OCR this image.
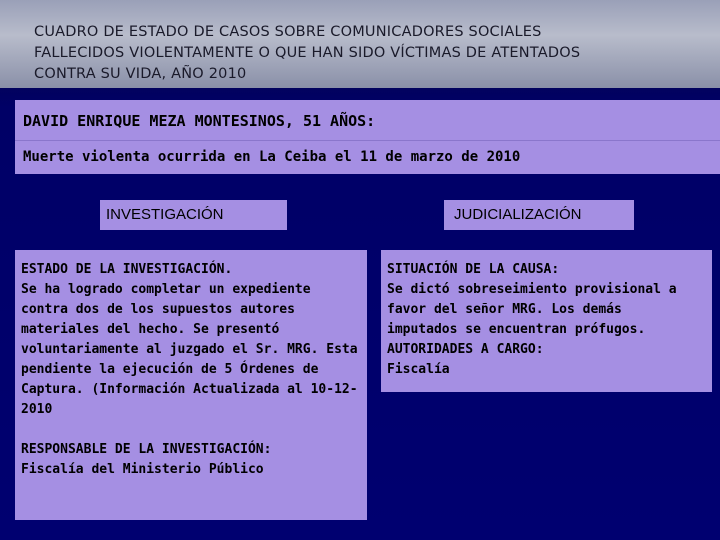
CUADRO DE ESTADO DE CASOS SOBRE COMUNICADORES SOCIALES
FALLECIDOS VIOLENTAMENTE O QUE HAN SIDO VÍCTIMAS DE ATENTADOS
CONTRA SU VIDA, AÑO 2010

DAVID ENRIQUE MEZA MONTESINOS, 51 AÑOS:

Muerte violenta ocurrida en La Ceiba el 11 de marzo de 2010

INVESTIGACIÓN	JUDICIALIZACIÓN

ESTADO DE LA INVESTIGACIÓN.

Se ha logrado completar un expediente
contra dos de los supuestos autores
materiales del hecho. Se presentó
voluntariamente al juzgado el Sr. MRG. Esta
pendiente la ejecución de 5 Órdenes de
Captura. (Información Actualizada al 10-12-
2010

RESPONSABLE DE LA INVESTIGACIÓN:

Fiscalía del Ministerio Público

SITUACIÓN DE LA CAUSA:

Se dictó sobreseimiento provisional a
favor del señor MRG. Los demás
imputados se encuentran prófugos.

AUTORIDADES A CARGO:

Fiscalía
